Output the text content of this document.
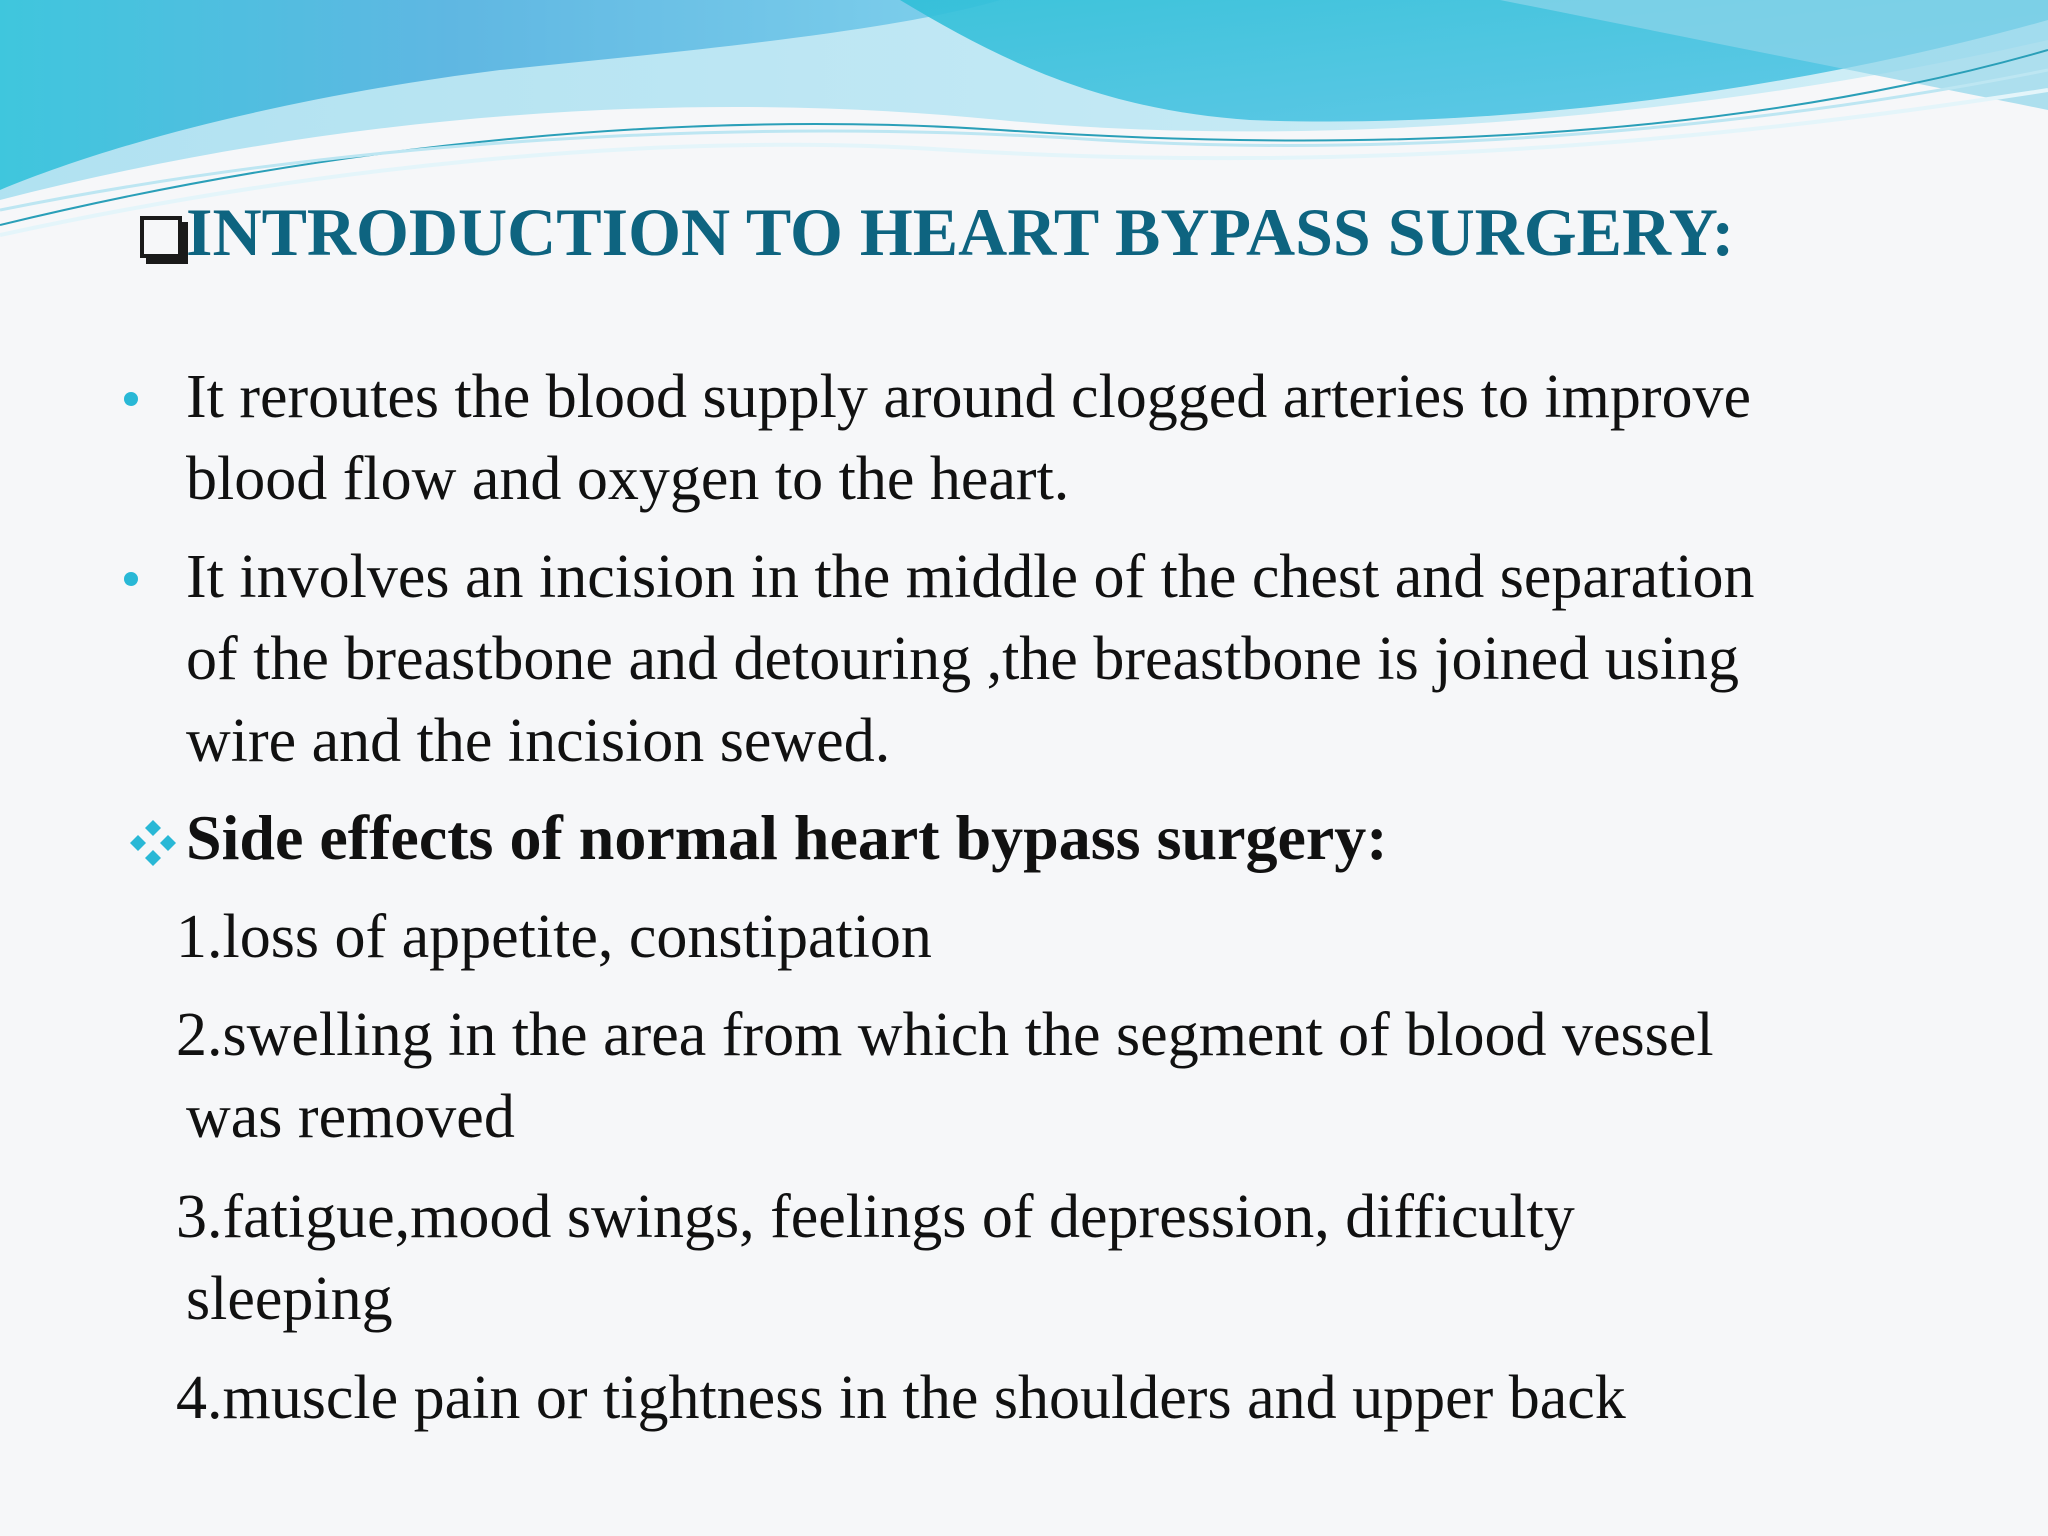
INTRODUCTION TO HEART BYPASS SURGERY:

It reroutes the blood supply around clogged arteries to improve
blood flow and oxygen to the heart.

It involves an incision in the middle of the chest and separation
of the breastbone and detouring ,the breastbone is joined using
wire and the incision sewed.

Side effects of normal heart bypass surgery:

1.loss of appetite, constipation

2.swelling in the area from which the segment of blood vessel
was removed

3.fatigue,mood swings, feelings of depression, difficulty
sleeping

4.muscle pain or tightness in the shoulders and upper back
